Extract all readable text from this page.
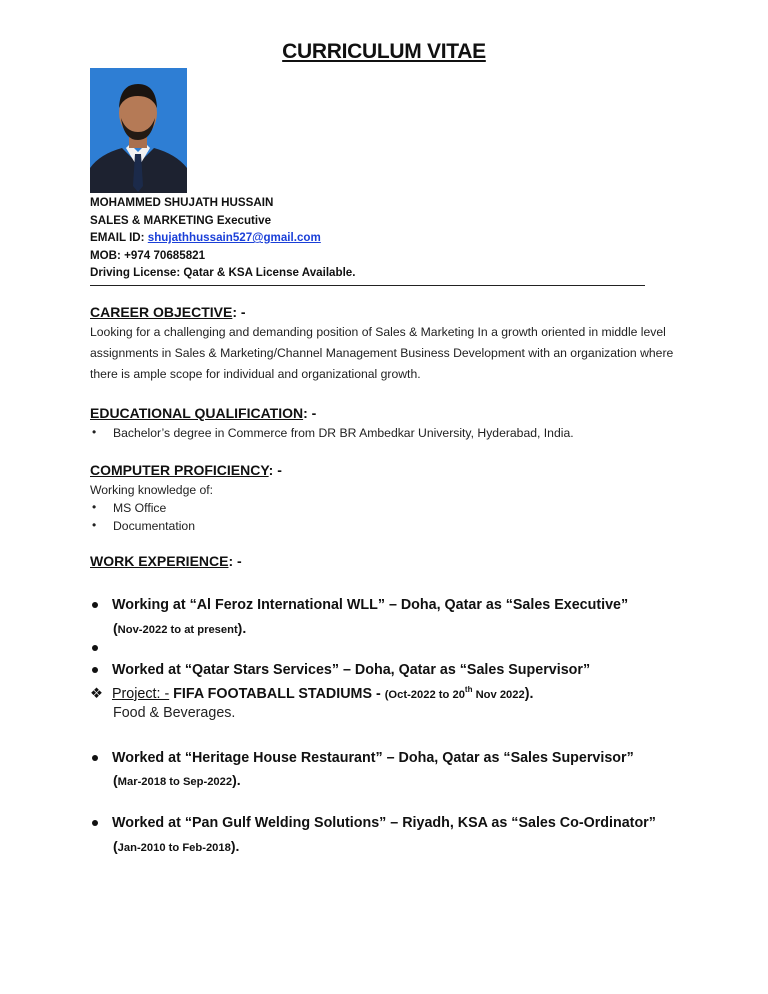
CURRICULUM VITAE
MOHAMMED SHUJATH HUSSAIN
SALES & MARKETING Executive
EMAIL ID: shujathhussain527@gmail.com
MOB: +974 70685821
Driving License: Qatar & KSA License Available.
CAREER OBJECTIVE: -
Looking for a challenging and demanding position of Sales & Marketing In a growth oriented in middle level assignments in Sales & Marketing/Channel Management Business Development with an organization where there is ample scope for individual and organizational growth.
EDUCATIONAL QUALIFICATION: -
• Bachelor’s degree in Commerce from DR BR Ambedkar University, Hyderabad, India.
COMPUTER PROFICIENCY: -
Working knowledge of:
• MS Office
• Documentation
WORK EXPERIENCE: -
Working at “Al Feroz International WLL” – Doha, Qatar as “Sales Executive”
(Nov-2022 to at present).
Worked at “Qatar Stars Services” – Doha, Qatar as “Sales Supervisor”
❖ Project: - FIFA FOOTABALL STADIUMS - (Oct-2022 to 20th Nov 2022).
Food & Beverages.
Worked at “Heritage House Restaurant” – Doha, Qatar as “Sales Supervisor”
(Mar-2018 to Sep-2022).
Worked at “Pan Gulf Welding Solutions” – Riyadh, KSA as “Sales Co-Ordinator”
(Jan-2010 to Feb-2018).
